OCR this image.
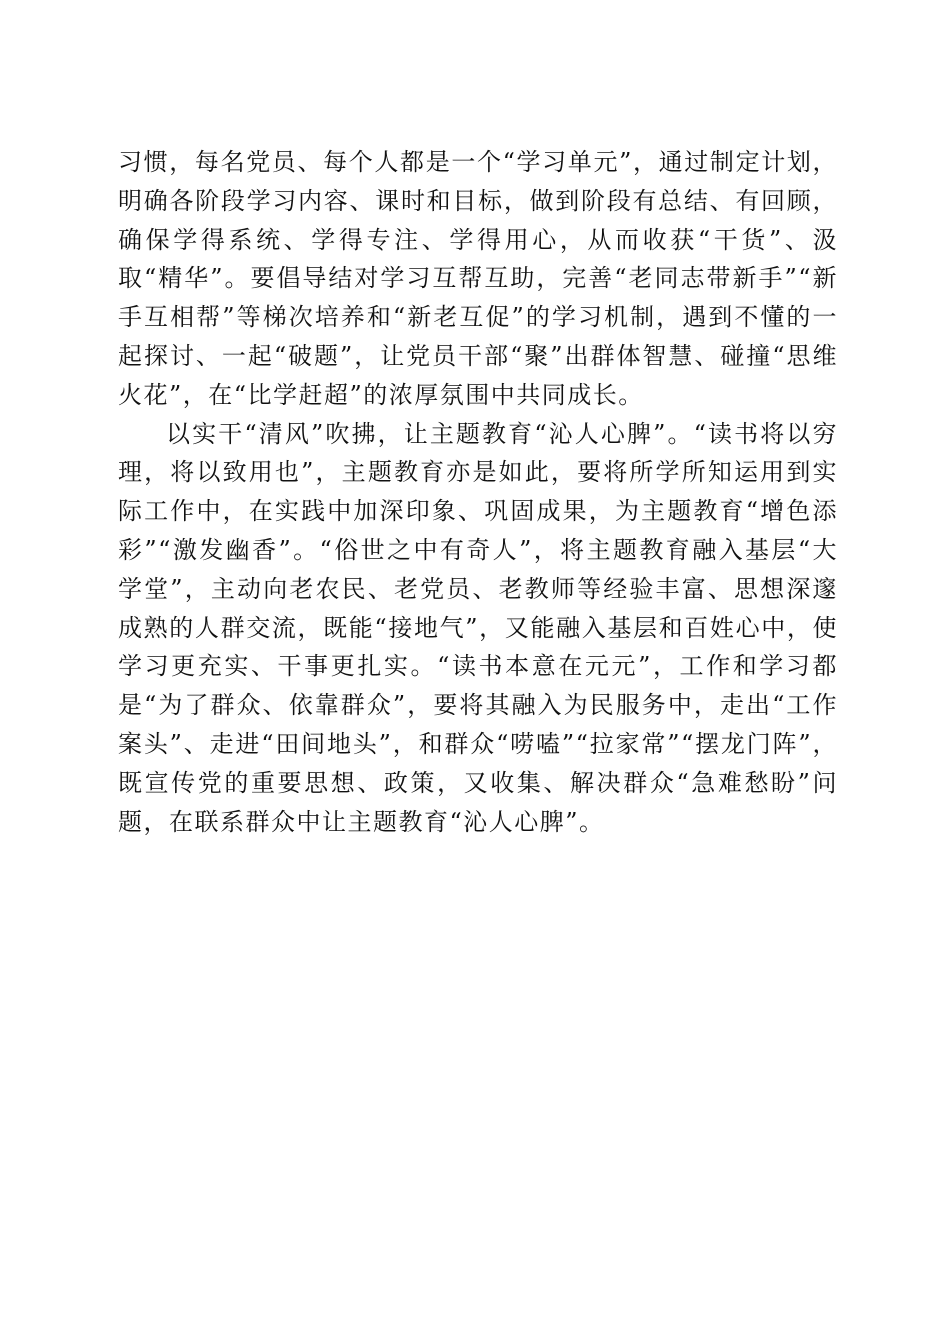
习惯，每名党员、每个人都是一个“学习单元”，通过制定计划，明确各阶段学习内容、课时和目标，做到阶段有总结、有回顾，确保学得系统、学得专注、学得用心，从而收获“干货”、汲取“精华”。要倡导结对学习互帮互助，完善“老同志带新手”“新手互相帮”等梯次培养和“新老互促”的学习机制，遇到不懂的一起探讨、一起“破题”，让党员干部“聚”出群体智慧、碰撞“思维火花”，在“比学赶超”的浓厚氛围中共同成长。

以实干“清风”吹拂，让主题教育“沁人心脾”。“读书将以穷理，将以致用也”，主题教育亦是如此，要将所学所知运用到实际工作中，在实践中加深印象、巩固成果，为主题教育“增色添彩”“激发幽香”。“俗世之中有奇人”，将主题教育融入基层“大学堂”，主动向老农民、老党员、老教师等经验丰富、思想深邃成熟的人群交流，既能“接地气”，又能融入基层和百姓心中，使学习更充实、干事更扎实。“读书本意在元元”，工作和学习都是“为了群众、依靠群众”，要将其融入为民服务中，走出“工作案头”、走进“田间地头”，和群众“唠嗑”“拉家常”“摆龙门阵”，既宣传党的重要思想、政策，又收集、解决群众“急难愁盼”问题，在联系群众中让主题教育“沁人心脾”。
